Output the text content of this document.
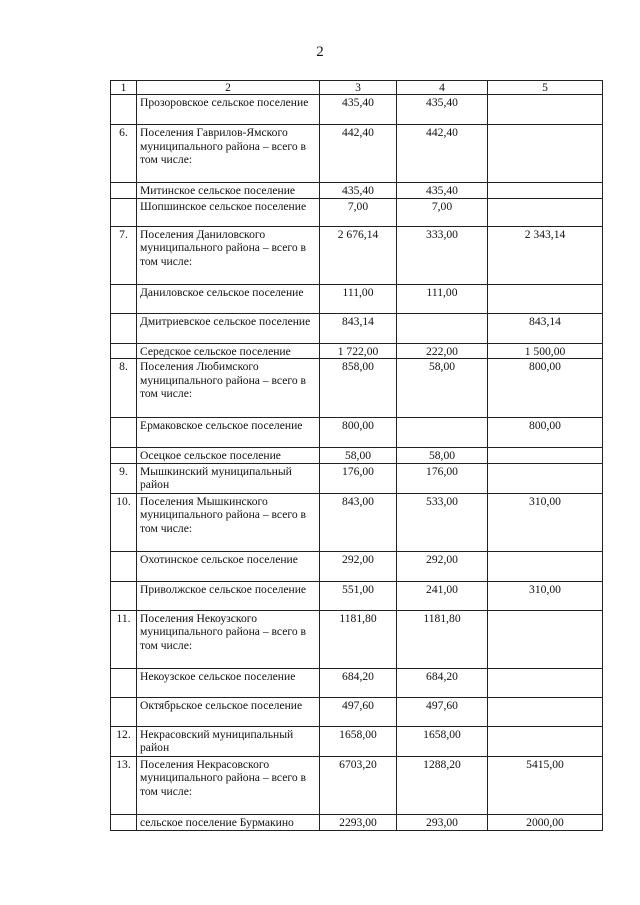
2
1	2	3	4	5
	Прозоровское сельское поселение	435,40	435,40	
6.	Поселения Гаврилов-Ямского муниципального района – всего в том числе:	442,40	442,40	
	Митинское сельское поселение	435,40	435,40	
	Шопшинское сельское поселение	7,00	7,00	
7.	Поселения Даниловского муниципального района – всего в том числе:	2 676,14	333,00	2 343,14
	Даниловское сельское поселение	111,00	111,00	
	Дмитриевское сельское поселение	843,14		843,14
	Середское сельское поселение	1 722,00	222,00	1 500,00
8.	Поселения Любимского муниципального района – всего в том числе:	858,00	58,00	800,00
	Ермаковское сельское поселение	800,00		800,00
	Осецкое сельское поселение	58,00	58,00	
9.	Мышкинский муниципальный район	176,00	176,00	
10.	Поселения Мышкинского муниципального района – всего в том числе:	843,00	533,00	310,00
	Охотинское сельское поселение	292,00	292,00	
	Приволжское сельское поселение	551,00	241,00	310,00
11.	Поселения Некоузского муниципального района – всего в том числе:	1181,80	1181,80	
	Некоузское сельское поселение	684,20	684,20	
	Октябрьское сельское поселение	497,60	497,60	
12.	Некрасовский муниципальный район	1658,00	1658,00	
13.	Поселения Некрасовского муниципального района – всего в том числе:	6703,20	1288,20	5415,00
	сельское поселение Бурмакино	2293,00	293,00	2000,00
